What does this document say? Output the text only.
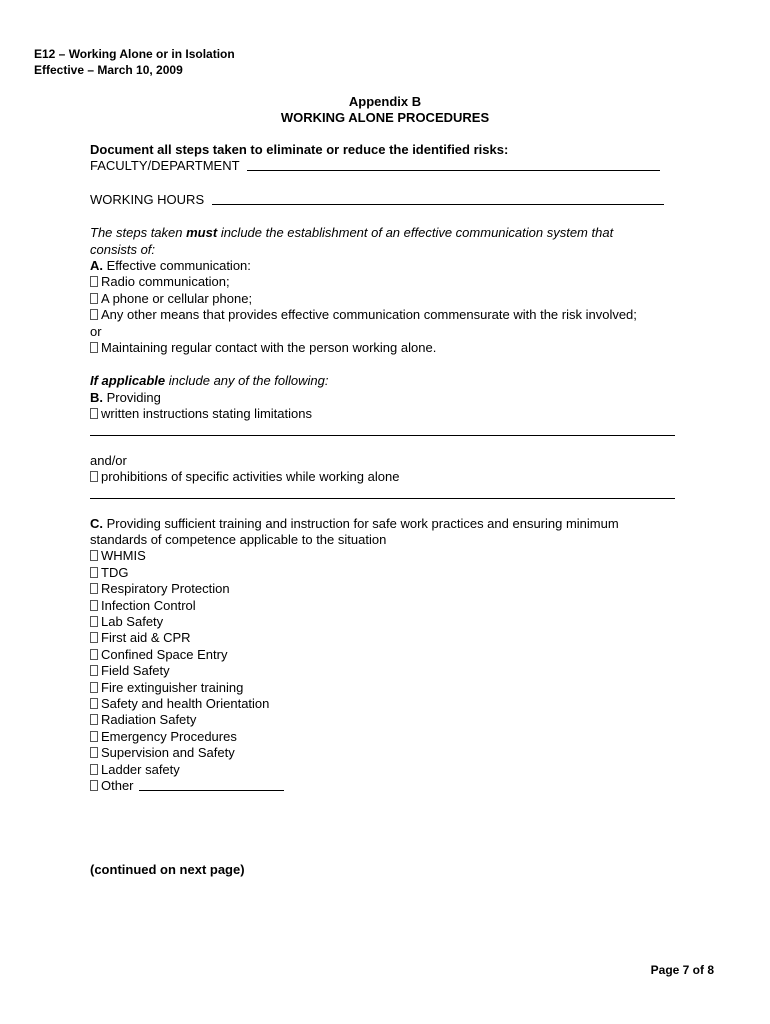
E12 – Working Alone or in Isolation
Effective – March 10, 2009
Appendix B
WORKING ALONE PROCEDURES
Document all steps taken to eliminate or reduce the identified risks:
FACULTY/DEPARTMENT
WORKING HOURS
The steps taken must include the establishment of an effective communication system that
consists of:
A. Effective communication:
Radio communication;
A phone or cellular phone;
Any other means that provides effective communication commensurate with the risk involved;
or
Maintaining regular contact with the person working alone.
If applicable include any of the following:
B. Providing
written instructions stating limitations
and/or
prohibitions of specific activities while working alone
C. Providing sufficient training and instruction for safe work practices and ensuring minimum
standards of competence applicable to the situation
WHMIS
TDG
Respiratory Protection
Infection Control
Lab Safety
First aid & CPR
Confined Space Entry
Field Safety
Fire extinguisher training
Safety and health Orientation
Radiation Safety
Emergency Procedures
Supervision and Safety
Ladder safety
Other
(continued on next page)
Page 7 of 8
